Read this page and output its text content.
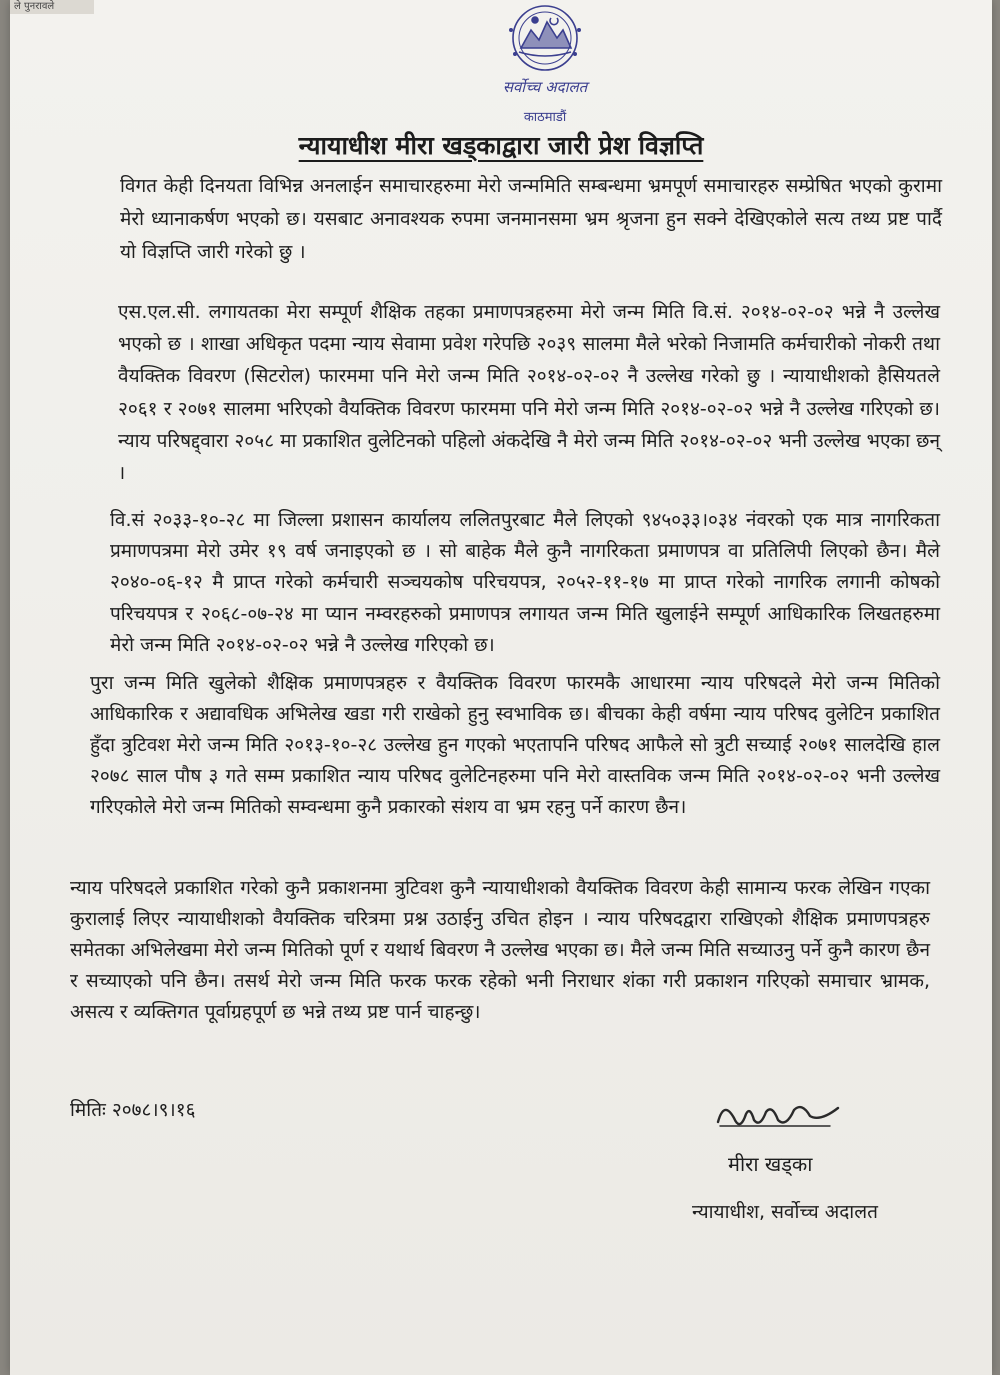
ले पुनरावले
सर्वोच्च अदालत
काठमाडौं
न्यायाधीश मीरा खड्काद्वारा जारी प्रेश विज्ञप्ति
विगत केही दिनयता विभिन्न अनलाईन समाचारहरुमा मेरो जन्ममिति सम्बन्धमा भ्रमपूर्ण समाचारहरु सम्प्रेषित भएको कुरामा मेरो ध्यानाकर्षण भएको छ। यसबाट अनावश्यक रुपमा जनमानसमा भ्रम श्रृजना हुन सक्ने देखिएकोले सत्य तथ्य प्रष्ट पार्दै यो विज्ञप्ति जारी गरेको छु ।
एस.एल.सी. लगायतका मेरा सम्पूर्ण शैक्षिक तहका प्रमाणपत्रहरुमा मेरो जन्म मिति वि.सं. २०१४-०२-०२ भन्ने नै उल्लेख भएको छ । शाखा अधिकृत पदमा न्याय सेवामा प्रवेश गरेपछि २०३९ सालमा मैले भरेको निजामति कर्मचारीको नोकरी तथा वैयक्तिक विवरण (सिटरोल) फारममा पनि मेरो जन्म मिति २०१४-०२-०२ नै उल्लेख गरेको छु । न्यायाधीशको हैसियतले २०६१ र २०७१ सालमा भरिएको वैयक्तिक विवरण फारममा पनि मेरो जन्म मिति २०१४-०२-०२ भन्ने नै उल्लेख गरिएको छ। न्याय परिषद्द्वारा २०५८ मा प्रकाशित वुलेटिनको पहिलो अंकदेखि नै मेरो जन्म मिति २०१४-०२-०२ भनी उल्लेख भएका छन् ।
वि.सं २०३३-१०-२८ मा जिल्ला प्रशासन कार्यालय ललितपुरबाट मैले लिएको ९४५०३३।०३४ नंवरको एक मात्र नागरिकता प्रमाणपत्रमा मेरो उमेर १९ वर्ष जनाइएको छ । सो बाहेक मैले कुनै नागरिकता प्रमाणपत्र वा प्रतिलिपी लिएको छैन। मैले २०४०-०६-१२ मै प्राप्त गरेको कर्मचारी सञ्चयकोष परिचयपत्र, २०५२-११-१७ मा प्राप्त गरेको नागरिक लगानी कोषको परिचयपत्र र २०६८-०७-२४ मा प्यान नम्वरहरुको प्रमाणपत्र लगायत जन्म मिति खुलाईने सम्पूर्ण आधिकारिक लिखतहरुमा मेरो जन्म मिति २०१४-०२-०२ भन्ने नै उल्लेख गरिएको छ।
पुरा जन्म मिति खुलेको शैक्षिक प्रमाणपत्रहरु र वैयक्तिक विवरण फारमकै आधारमा न्याय परिषदले मेरो जन्म मितिको आधिकारिक र अद्यावधिक अभिलेख खडा गरी राखेको हुनु स्वभाविक छ। बीचका केही वर्षमा न्याय परिषद वुलेटिन प्रकाशित हुँदा त्रुटिवश मेरो जन्म मिति २०१३-१०-२८ उल्लेख हुन गएको भएतापनि परिषद आफैले सो त्रुटी सच्याई २०७१ सालदेखि हाल २०७८ साल पौष ३ गते सम्म प्रकाशित न्याय परिषद वुलेटिनहरुमा पनि मेरो वास्तविक जन्म मिति २०१४-०२-०२ भनी उल्लेख गरिएकोले मेरो जन्म मितिको सम्वन्धमा कुनै प्रकारको संशय वा भ्रम रहनु पर्ने कारण छैन।
न्याय परिषदले प्रकाशित गरेको कुनै प्रकाशनमा त्रुटिवश कुनै न्यायाधीशको वैयक्तिक विवरण केही सामान्य फरक लेखिन गएका कुरालाई लिएर न्यायाधीशको वैयक्तिक चरित्रमा प्रश्न उठाईनु उचित होइन । न्याय परिषदद्वारा राखिएको शैक्षिक प्रमाणपत्रहरु समेतका अभिलेखमा मेरो जन्म मितिको पूर्ण र यथार्थ बिवरण नै उल्लेख भएका छ। मैले जन्म मिति सच्याउनु पर्ने कुनै कारण छैन र सच्याएको पनि छैन। तसर्थ मेरो जन्म मिति फरक फरक रहेको भनी निराधार शंका गरी प्रकाशन गरिएको समाचार भ्रामक, असत्य र व्यक्तिगत पूर्वाग्रहपूर्ण छ भन्ने तथ्य प्रष्ट पार्न चाहन्छु।
मितिः २०७८।९।१६
मीरा खड्का
न्यायाधीश, सर्वोच्च अदालत
